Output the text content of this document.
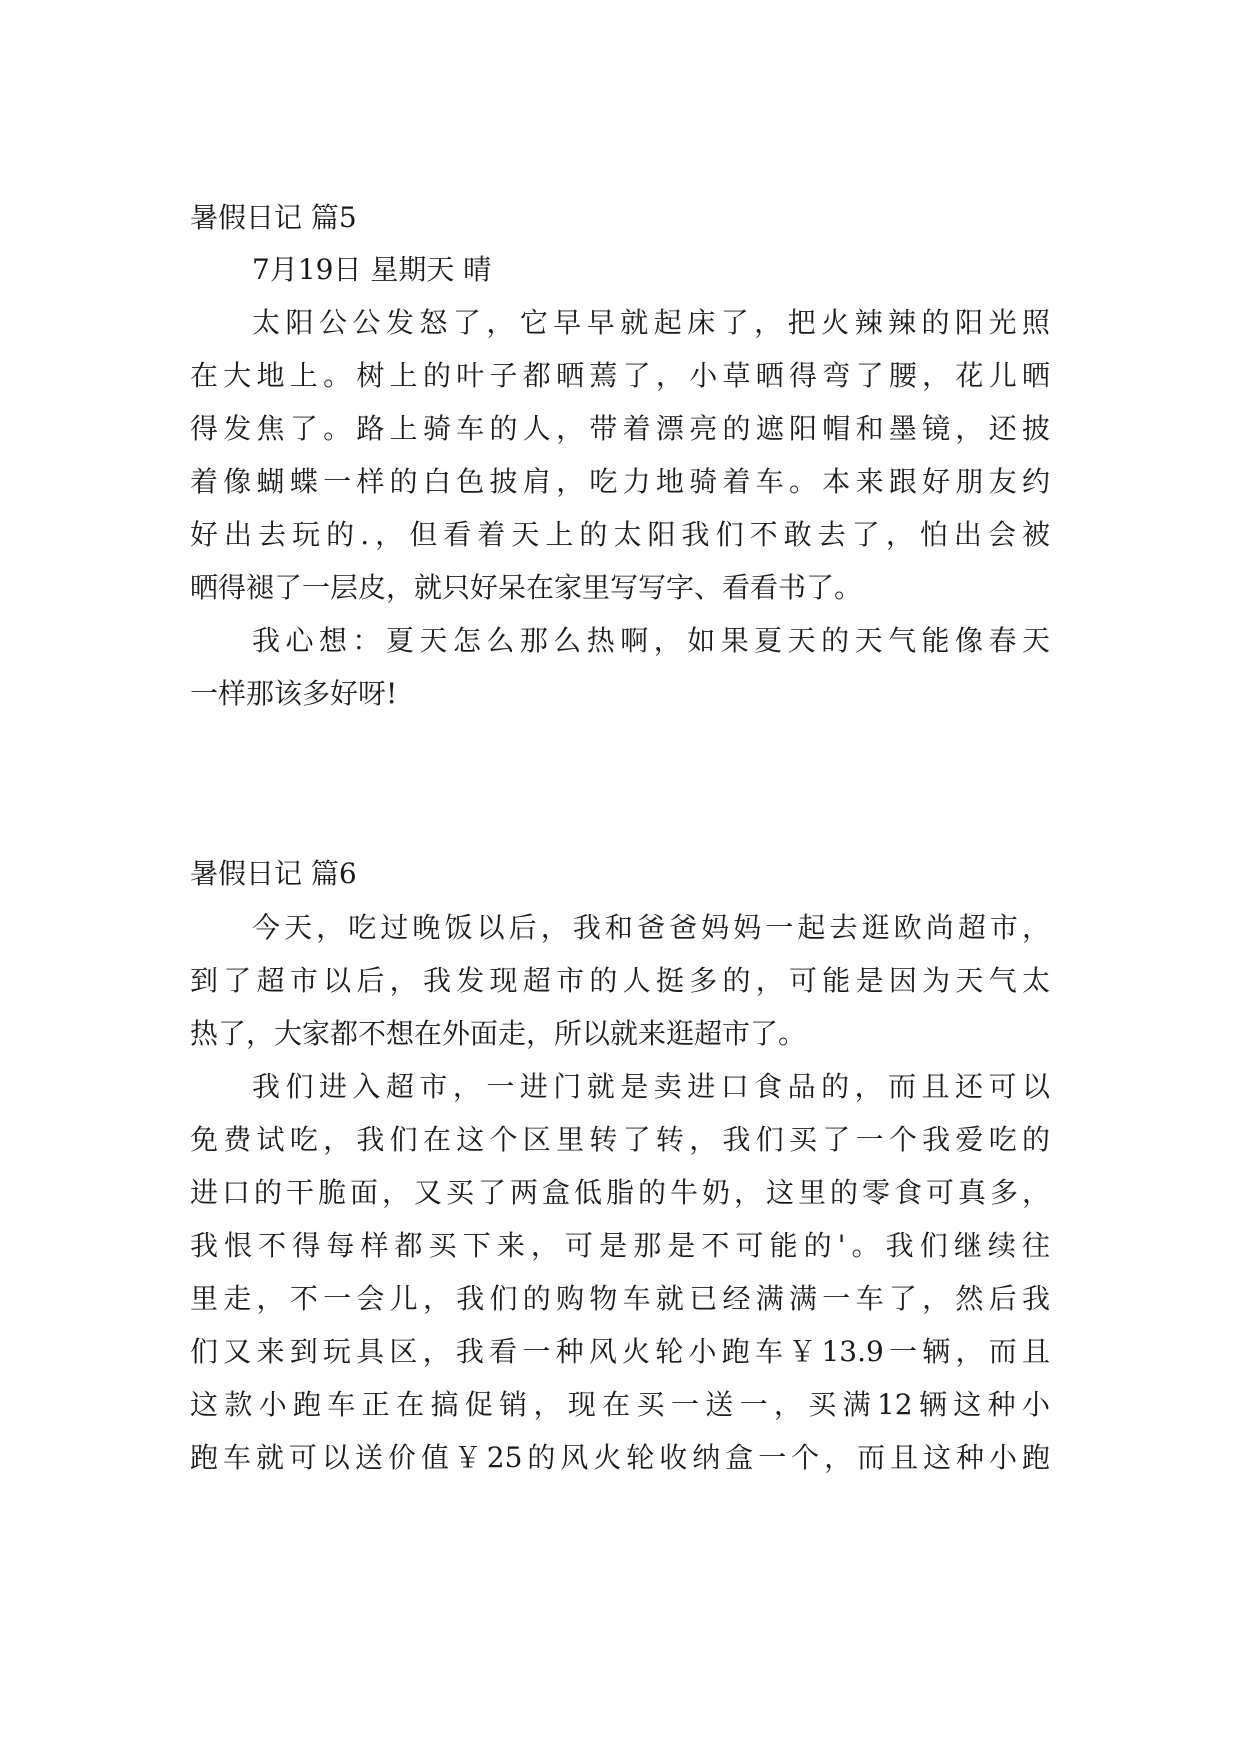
暑假日记 篇5

7月19日 星期天 晴

太阳公公发怒了，它早早就起床了，把火辣辣的阳光照

在大地上。树上的叶子都晒蔫了，小草晒得弯了腰，花儿晒

得发焦了。路上骑车的人，带着漂亮的遮阳帽和墨镜，还披

着像蝴蝶一样的白色披肩，吃力地骑着车。本来跟好朋友约

好出去玩的.，但看着天上的太阳我们不敢去了，怕出会被

晒得褪了一层皮，就只好呆在家里写写字、看看书了。

我心想：夏天怎么那么热啊，如果夏天的天气能像春天

一样那该多好呀!

暑假日记 篇6

今天，吃过晚饭以后，我和爸爸妈妈一起去逛欧尚超市，

到了超市以后，我发现超市的人挺多的，可能是因为天气太

热了，大家都不想在外面走，所以就来逛超市了。

我们进入超市，一进门就是卖进口食品的，而且还可以

免费试吃，我们在这个区里转了转，我们买了一个我爱吃的

进口的干脆面，又买了两盒低脂的牛奶，这里的零食可真多，

我恨不得每样都买下来，可是那是不可能的'。我们继续往

里走，不一会儿，我们的购物车就已经满满一车了，然后我

们又来到玩具区，我看一种风火轮小跑车￥13.9一辆，而且

这款小跑车正在搞促销，现在买一送一，买满12辆这种小

跑车就可以送价值￥25的风火轮收纳盒一个，而且这种小跑
